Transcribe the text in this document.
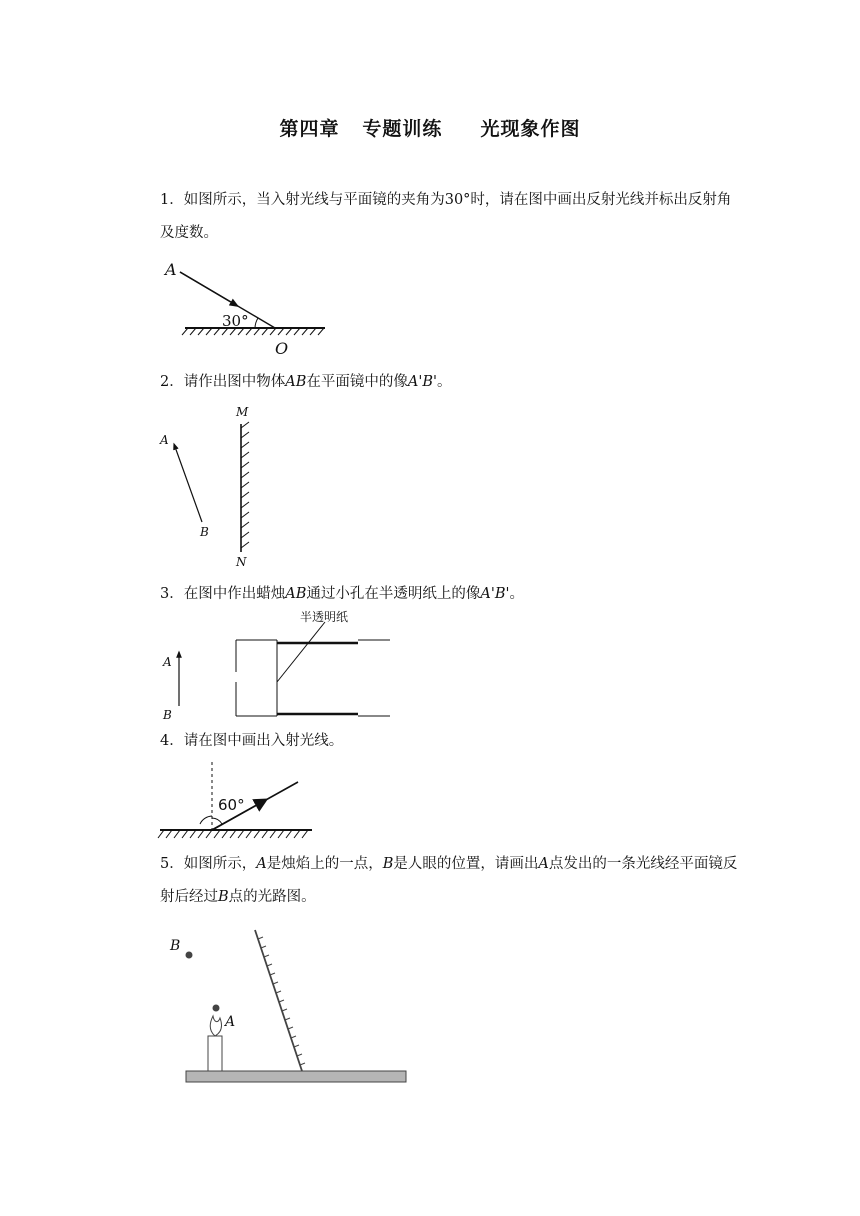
第四章 专题训练 光现象作图
1．如图所示，当入射光线与平面镜的夹角为30°时，请在图中画出反射光线并标出反射角及度数。
A
30°
O
2．请作出图中物体AB在平面镜中的像A'B'。
M
N
A
B
3．在图中作出蜡烛AB通过小孔在半透明纸上的像A'B'。
A
B
半透明纸
4．请在图中画出入射光线。
60°
5．如图所示，A是烛焰上的一点，B是人眼的位置，请画出A点发出的一条光线经平面镜反射后经过B点的光路图。
B
A
